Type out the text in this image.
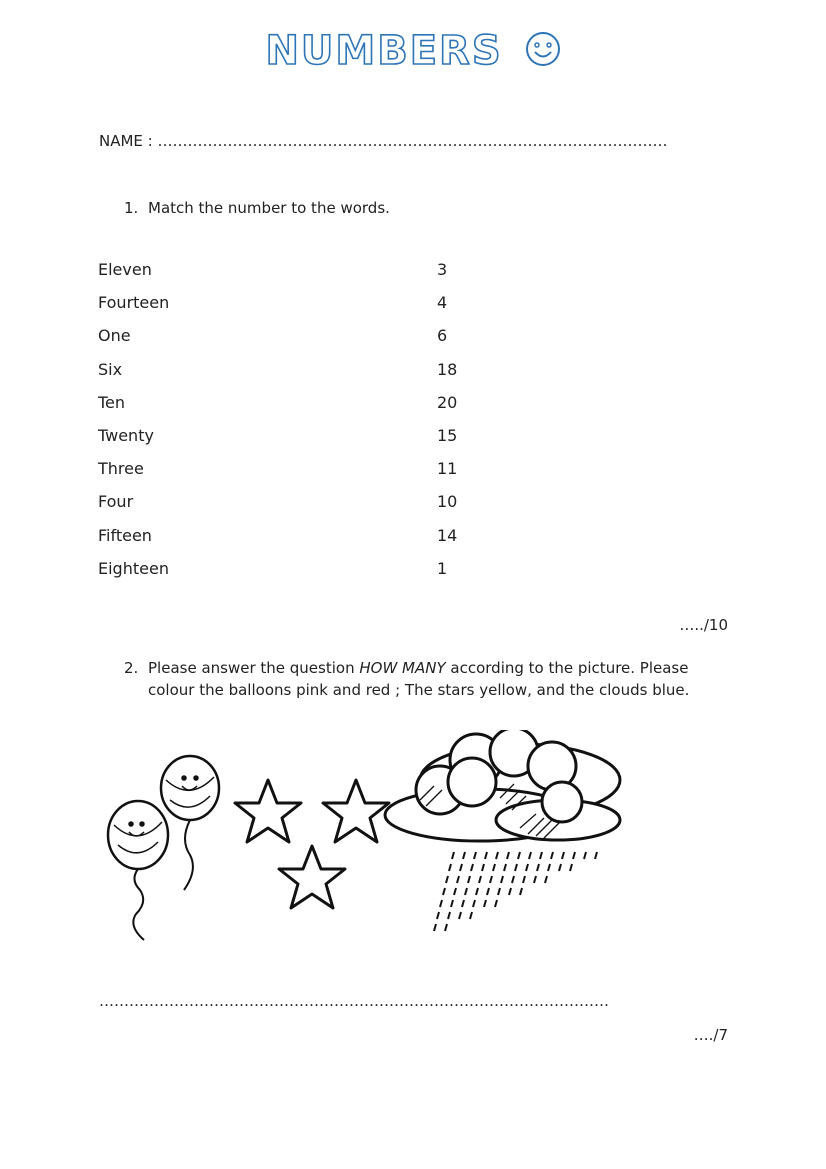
NUMBERS
NAME : …………………………………………………………………………………………
1. Match the number to the words.
Eleven	3
Fourteen	4
One	6
Six	18
Ten	20
Twenty	15
Three	11
Four	10
Fifteen	14
Eighteen	1
…../10
2. Please answer the question HOW MANY according to the picture. Please colour the balloons pink and red ; The stars yellow, and the clouds blue.
…………………………………………………………………………………………
…./7
